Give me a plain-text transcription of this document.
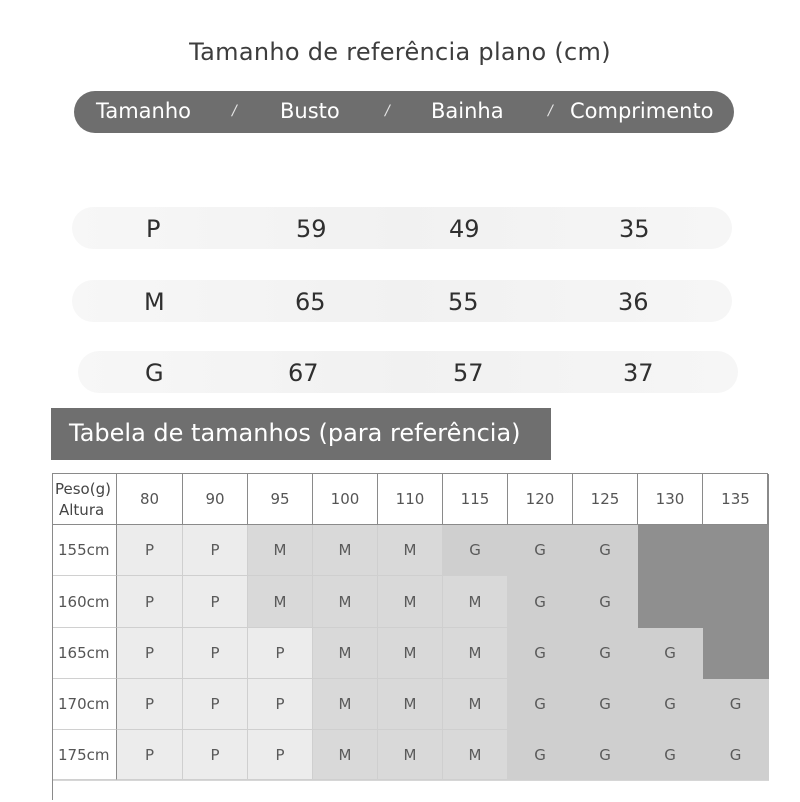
Tamanho de referência plano (cm)
Tamanho	/ Busto	/ Bainha	/ Comprimento
P	59	49	35
M	65	55	36
G	67	57	37
Tabela de tamanhos (para referência)
Peso(g)
Altura
80	90	95	100	110	115	120	125	130	135
155cm	P	P	M	M	M	G	G	G
160cm	P	P	M	M	M	M	G	G
165cm	P	P	P	M	M	M	G	G	G
170cm	P	P	P	M	M	M	G	G	G	G
175cm	P	P	P	M	M	M	G	G	G	G
